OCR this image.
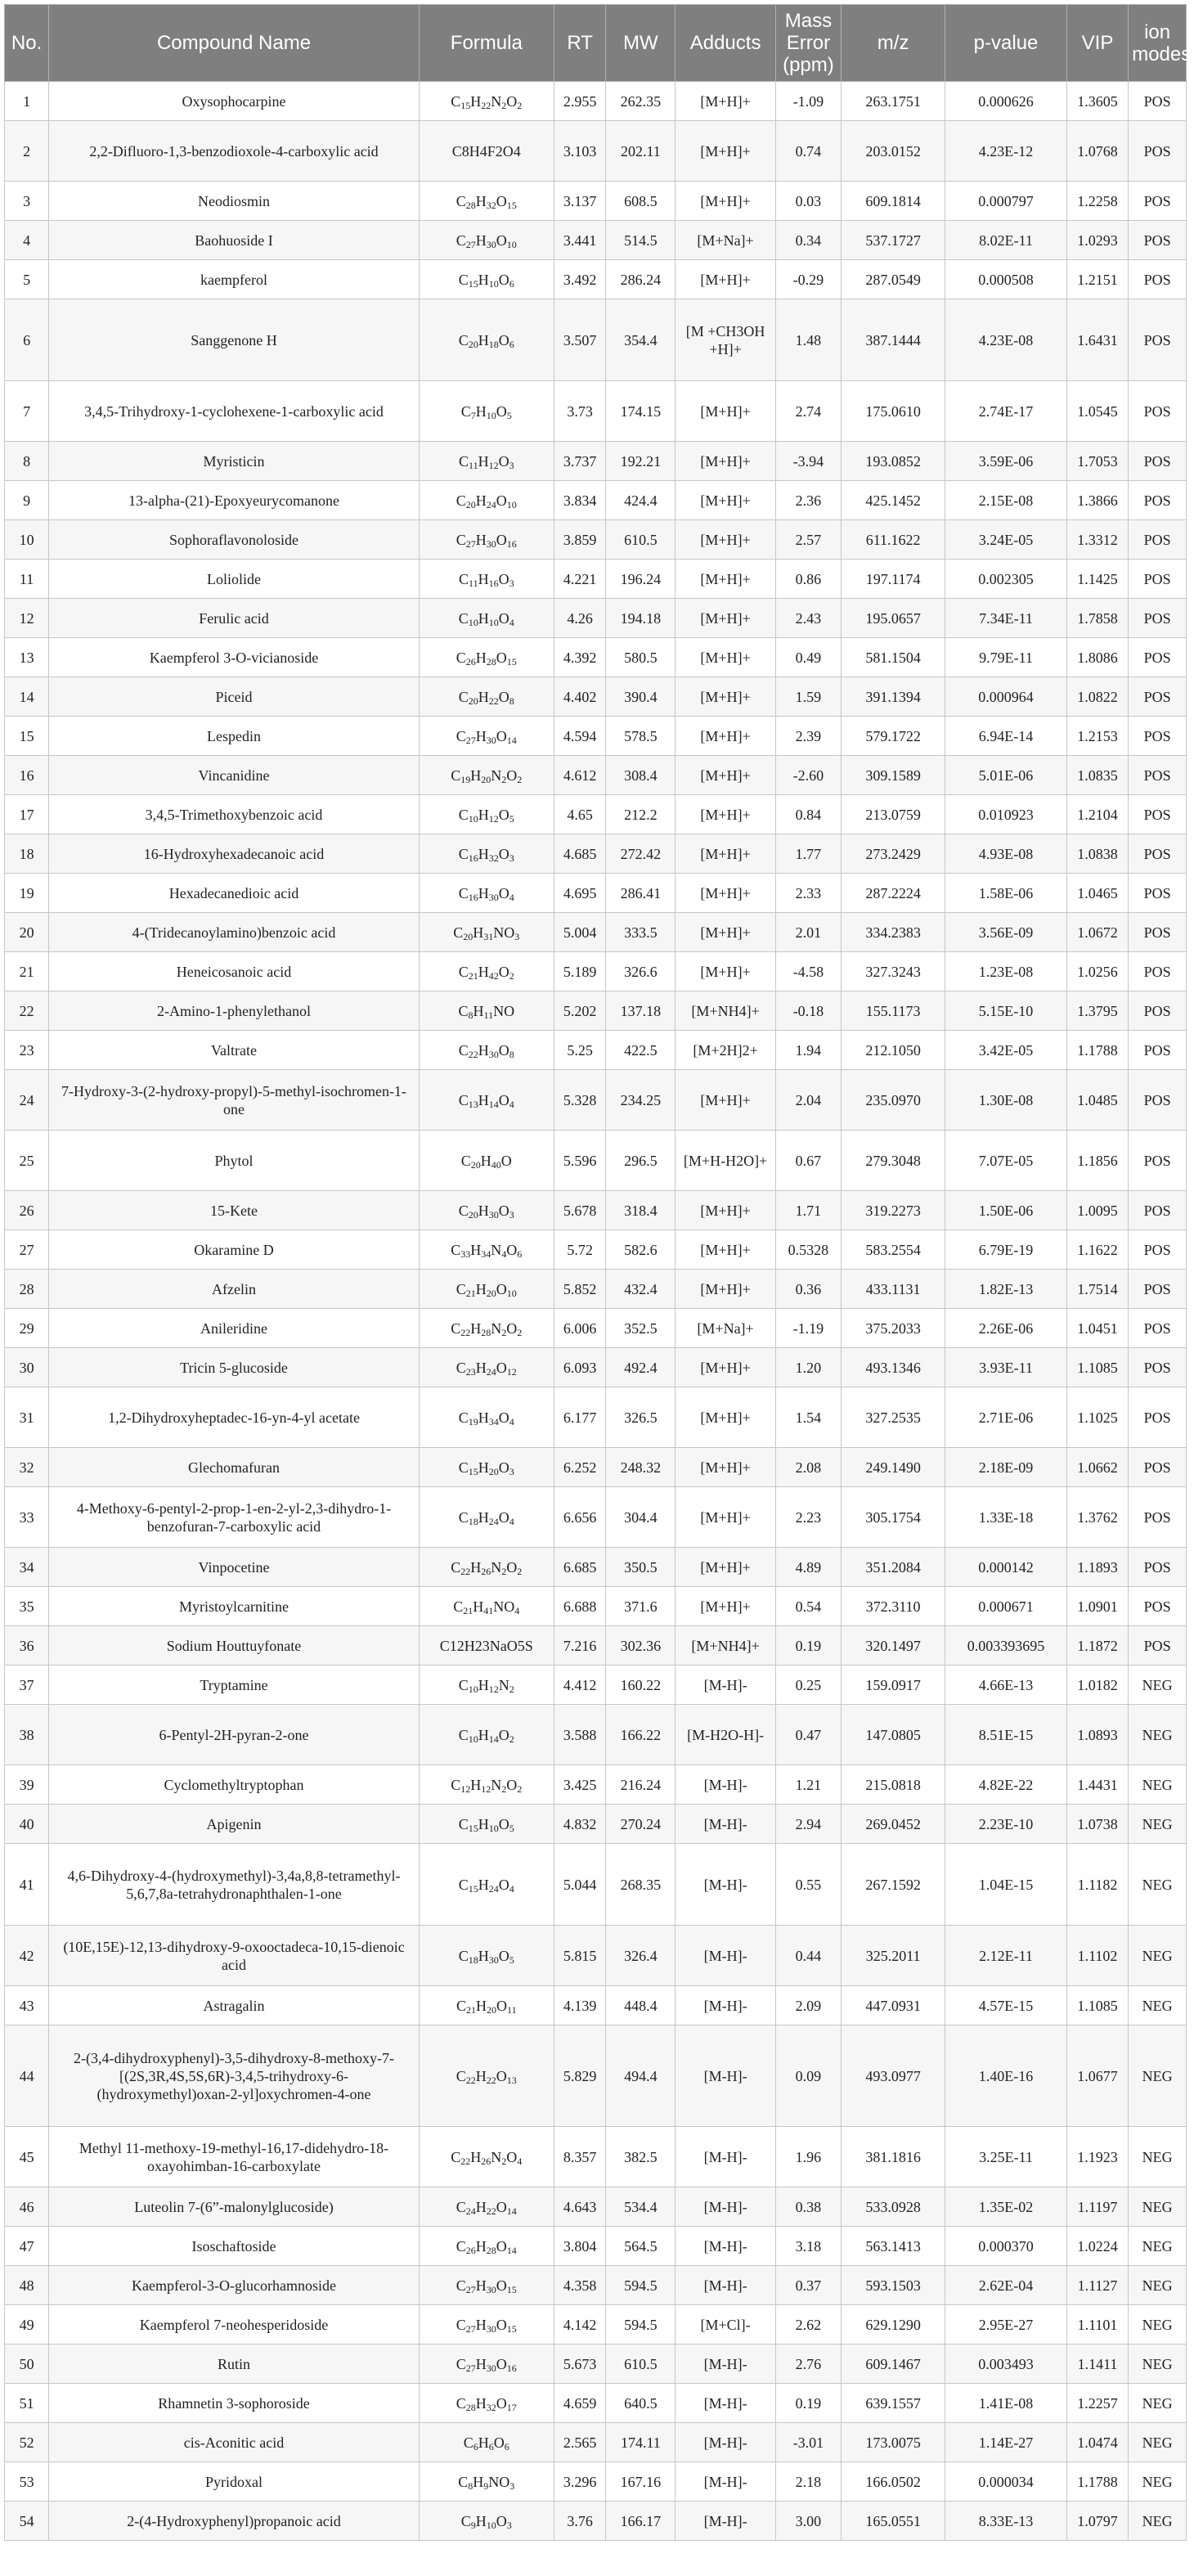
No.	Compound Name	Formula	RT	MW	Adducts	Mass Error (ppm)	m/z	p-value	VIP	ion modes
1	Oxysophocarpine	$C_{15}H_{22}N_2O_2$	2.955	262.35	[M+H]+	-1.09	263.1751	0.000626	1.3605	POS
2	2,2-Difluoro-1,3-benzodioxole-4-carboxylic acid	C8H4F2O4	3.103	202.11	[M+H]+	0.74	203.0152	4.23E-12	1.0768	POS
3	Neodiosmin	$C_{28}H_{32}O_{15}$	3.137	608.5	[M+H]+	0.03	609.1814	0.000797	1.2258	POS
4	Baohuoside I	$C_{27}H_{30}O_{10}$	3.441	514.5	[M+Na]+	0.34	537.1727	8.02E-11	1.0293	POS
5	kaempferol	$C_{15}H_{10}O_6$	3.492	286.24	[M+H]+	-0.29	287.0549	0.000508	1.2151	POS
6	Sanggenone H	$C_{20}H_{18}O_6$	3.507	354.4	[M +CH3OH +H]+	1.48	387.1444	4.23E-08	1.6431	POS
7	3,4,5-Trihydroxy-1-cyclohexene-1-carboxylic acid	$C_7H_{10}O_5$	3.73	174.15	[M+H]+	2.74	175.0610	2.74E-17	1.0545	POS
8	Myristicin	$C_{11}H_{12}O_3$	3.737	192.21	[M+H]+	-3.94	193.0852	3.59E-06	1.7053	POS
9	13-alpha-(21)-Epoxyeurycomanone	$C_{20}H_{24}O_{10}$	3.834	424.4	[M+H]+	2.36	425.1452	2.15E-08	1.3866	POS
10	Sophoraflavonoloside	$C_{27}H_{30}O_{16}$	3.859	610.5	[M+H]+	2.57	611.1622	3.24E-05	1.3312	POS
11	Loliolide	$C_{11}H_{16}O_3$	4.221	196.24	[M+H]+	0.86	197.1174	0.002305	1.1425	POS
12	Ferulic acid	$C_{10}H_{10}O_4$	4.26	194.18	[M+H]+	2.43	195.0657	7.34E-11	1.7858	POS
13	Kaempferol 3-O-vicianoside	$C_{26}H_{28}O_{15}$	4.392	580.5	[M+H]+	0.49	581.1504	9.79E-11	1.8086	POS
14	Piceid	$C_{20}H_{22}O_8$	4.402	390.4	[M+H]+	1.59	391.1394	0.000964	1.0822	POS
15	Lespedin	$C_{27}H_{30}O_{14}$	4.594	578.5	[M+H]+	2.39	579.1722	6.94E-14	1.2153	POS
16	Vincanidine	$C_{19}H_{20}N_2O_2$	4.612	308.4	[M+H]+	-2.60	309.1589	5.01E-06	1.0835	POS
17	3,4,5-Trimethoxybenzoic acid	$C_{10}H_{12}O_5$	4.65	212.2	[M+H]+	0.84	213.0759	0.010923	1.2104	POS
18	16-Hydroxyhexadecanoic acid	$C_{16}H_{32}O_3$	4.685	272.42	[M+H]+	1.77	273.2429	4.93E-08	1.0838	POS
19	Hexadecanedioic acid	$C_{16}H_{30}O_4$	4.695	286.41	[M+H]+	2.33	287.2224	1.58E-06	1.0465	POS
20	4-(Tridecanoylamino)benzoic acid	$C_{20}H_{31}NO_3$	5.004	333.5	[M+H]+	2.01	334.2383	3.56E-09	1.0672	POS
21	Heneicosanoic acid	$C_{21}H_{42}O_2$	5.189	326.6	[M+H]+	-4.58	327.3243	1.23E-08	1.0256	POS
22	2-Amino-1-phenylethanol	$C_8H_{11}NO$	5.202	137.18	[M+NH4]+	-0.18	155.1173	5.15E-10	1.3795	POS
23	Valtrate	$C_{22}H_{30}O_8$	5.25	422.5	[M+2H]2+	1.94	212.1050	3.42E-05	1.1788	POS
24	7-Hydroxy-3-(2-hydroxy-propyl)-5-methyl-isochromen-1-one	$C_{13}H_{14}O_4$	5.328	234.25	[M+H]+	2.04	235.0970	1.30E-08	1.0485	POS
25	Phytol	$C_{20}H_{40}O$	5.596	296.5	[M+H-H2O]+	0.67	279.3048	7.07E-05	1.1856	POS
26	15-Kete	$C_{20}H_{30}O_3$	5.678	318.4	[M+H]+	1.71	319.2273	1.50E-06	1.0095	POS
27	Okaramine D	$C_{33}H_{34}N_4O_6$	5.72	582.6	[M+H]+	0.5328	583.2554	6.79E-19	1.1622	POS
28	Afzelin	$C_{21}H_{20}O_{10}$	5.852	432.4	[M+H]+	0.36	433.1131	1.82E-13	1.7514	POS
29	Anileridine	$C_{22}H_{28}N_2O_2$	6.006	352.5	[M+Na]+	-1.19	375.2033	2.26E-06	1.0451	POS
30	Tricin 5-glucoside	$C_{23}H_{24}O_{12}$	6.093	492.4	[M+H]+	1.20	493.1346	3.93E-11	1.1085	POS
31	1,2-Dihydroxyheptadec-16-yn-4-yl acetate	$C_{19}H_{34}O_4$	6.177	326.5	[M+H]+	1.54	327.2535	2.71E-06	1.1025	POS
32	Glechomafuran	$C_{15}H_{20}O_3$	6.252	248.32	[M+H]+	2.08	249.1490	2.18E-09	1.0662	POS
33	4-Methoxy-6-pentyl-2-prop-1-en-2-yl-2,3-dihydro-1-benzofuran-7-carboxylic acid	$C_{18}H_{24}O_4$	6.656	304.4	[M+H]+	2.23	305.1754	1.33E-18	1.3762	POS
34	Vinpocetine	$C_{22}H_{26}N_2O_2$	6.685	350.5	[M+H]+	4.89	351.2084	0.000142	1.1893	POS
35	Myristoylcarnitine	$C_{21}H_{41}NO_4$	6.688	371.6	[M+H]+	0.54	372.3110	0.000671	1.0901	POS
36	Sodium Houttuyfonate	C12H23NaO5S	7.216	302.36	[M+NH4]+	0.19	320.1497	0.003393695	1.1872	POS
37	Tryptamine	$C_{10}H_{12}N_2$	4.412	160.22	[M-H]-	0.25	159.0917	4.66E-13	1.0182	NEG
38	6-Pentyl-2H-pyran-2-one	$C_{10}H_{14}O_2$	3.588	166.22	[M-H2O-H]-	0.47	147.0805	8.51E-15	1.0893	NEG
39	Cyclomethyltryptophan	$C_{12}H_{12}N_2O_2$	3.425	216.24	[M-H]-	1.21	215.0818	4.82E-22	1.4431	NEG
40	Apigenin	$C_{15}H_{10}O_5$	4.832	270.24	[M-H]-	2.94	269.0452	2.23E-10	1.0738	NEG
41	4,6-Dihydroxy-4-(hydroxymethyl)-3,4a,8,8-tetramethyl-5,6,7,8a-tetrahydronaphthalen-1-one	$C_{15}H_{24}O_4$	5.044	268.35	[M-H]-	0.55	267.1592	1.04E-15	1.1182	NEG
42	(10E,15E)-12,13-dihydroxy-9-oxooctadeca-10,15-dienoic acid	$C_{18}H_{30}O_5$	5.815	326.4	[M-H]-	0.44	325.2011	2.12E-11	1.1102	NEG
43	Astragalin	$C_{21}H_{20}O_{11}$	4.139	448.4	[M-H]-	2.09	447.0931	4.57E-15	1.1085	NEG
44	2-(3,4-dihydroxyphenyl)-3,5-dihydroxy-8-methoxy-7-[(2S,3R,4S,5S,6R)-3,4,5-trihydroxy-6-(hydroxymethyl)oxan-2-yl]oxychromen-4-one	$C_{22}H_{22}O_{13}$	5.829	494.4	[M-H]-	0.09	493.0977	1.40E-16	1.0677	NEG
45	Methyl 11-methoxy-19-methyl-16,17-didehydro-18-oxayohimban-16-carboxylate	$C_{22}H_{26}N_2O_4$	8.357	382.5	[M-H]-	1.96	381.1816	3.25E-11	1.1923	NEG
46	Luteolin 7-(6”-malonylglucoside)	$C_{24}H_{22}O_{14}$	4.643	534.4	[M-H]-	0.38	533.0928	1.35E-02	1.1197	NEG
47	Isoschaftoside	$C_{26}H_{28}O_{14}$	3.804	564.5	[M-H]-	3.18	563.1413	0.000370	1.0224	NEG
48	Kaempferol-3-O-glucorhamnoside	$C_{27}H_{30}O_{15}$	4.358	594.5	[M-H]-	0.37	593.1503	2.62E-04	1.1127	NEG
49	Kaempferol 7-neohesperidoside	$C_{27}H_{30}O_{15}$	4.142	594.5	[M+Cl]-	2.62	629.1290	2.95E-27	1.1101	NEG
50	Rutin	$C_{27}H_{30}O_{16}$	5.673	610.5	[M-H]-	2.76	609.1467	0.003493	1.1411	NEG
51	Rhamnetin 3-sophoroside	$C_{28}H_{32}O_{17}$	4.659	640.5	[M-H]-	0.19	639.1557	1.41E-08	1.2257	NEG
52	cis-Aconitic acid	$C_6H_6O_6$	2.565	174.11	[M-H]-	-3.01	173.0075	1.14E-27	1.0474	NEG
53	Pyridoxal	$C_8H_9NO_3$	3.296	167.16	[M-H]-	2.18	166.0502	0.000034	1.1788	NEG
54	2-(4-Hydroxyphenyl)propanoic acid	$C_9H_{10}O_3$	3.76	166.17	[M-H]-	3.00	165.0551	8.33E-13	1.0797	NEG
